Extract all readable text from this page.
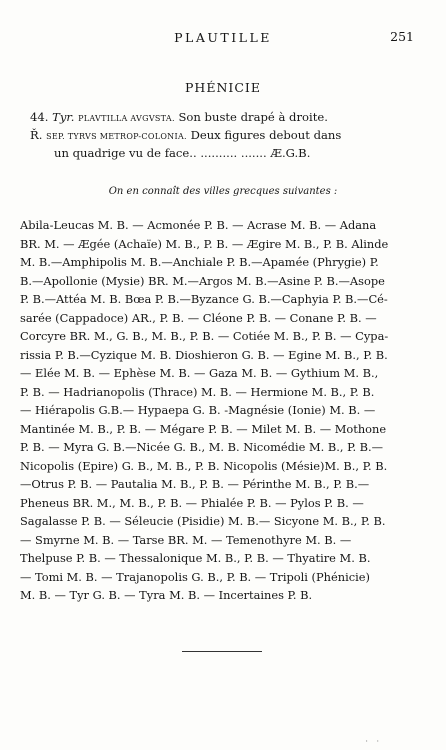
PLAUTILLE	251
PHÉNICIE
44. Tyr. PLAVTILLA AVGVSTA. Son buste drapé à droite.
Ř. SEP. TYRVS METROP-COLONIA. Deux figures debout dans
un quadrige vu de face.. .......... ....... Æ.G.B.
On en connaît des villes grecques suivantes :
Abila-Leucas M. B. — Acmonée P. B. — Acrase M. B. — Adana
BR. M. — Ægée (Achaïe) M. B., P. B. — Ægire M. B., P. B. Alinde
M. B.—Amphipolis M. B.—Anchiale P. B.—Apamée (Phrygie) P.
B.—Apollonie (Mysie) BR. M.—Argos M. B.—Asine P. B.—Asope
P. B.—Attéa M. B. Bœa P. B.—Byzance G. B.—Caphyia P. B.—Cé-
sarée (Cappadoce) AR., P. B. — Cléone P. B. — Conane P. B. —
Corcyre BR. M., G. B., M. B., P. B. — Cotiée M. B., P. B. — Cypa-
rissia P. B.—Cyzique M. B. Dioshieron G. B. — Egine M. B., P. B.
— Elée M. B. — Ephèse M. B. — Gaza M. B. — Gythium M. B.,
P. B. — Hadrianopolis (Thrace) M. B. — Hermione M. B., P. B.
— Hiérapolis G.B.— Hypaepa G. B. -Magnésie (Ionie) M. B. —
Mantinée M. B., P. B. — Mégare P. B. — Milet M. B. — Mothone
P. B. — Myra G. B.—Nicée G. B., M. B. Nicomédie M. B., P. B.—
Nicopolis (Epire) G. B., M. B., P. B. Nicopolis (Mésie)M. B., P. B.
—Otrus P. B. — Pautalia M. B., P. B. — Périnthe M. B., P. B.—
Pheneus BR. M., M. B., P. B. — Phialée P. B. — Pylos P. B. —
Sagalasse P. B. — Séleucie (Pisidie) M. B.— Sicyone M. B., P. B.
— Smyrne M. B. — Tarse BR. M. — Temenothyre M. B. —
Thelpuse P. B. — Thessalonique M. B., P. B. — Thyatire M. B.
— Tomi M. B. — Trajanopolis G. B., P. B. — Tripoli (Phénicie)
M. B. — Tyr G. B. — Tyra M. B. — Incertaines P. B.
· ·
